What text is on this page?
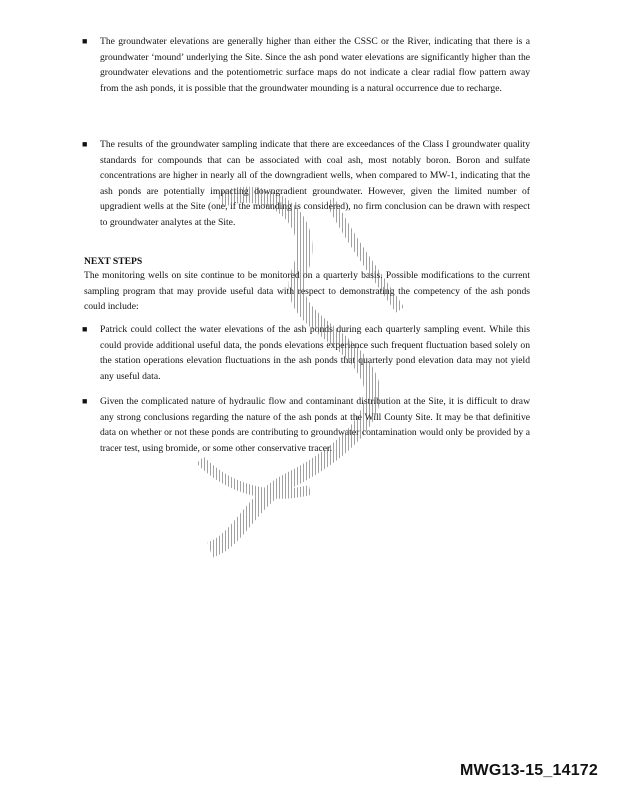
■ The groundwater elevations are generally higher than either the CSSC or the River, indicating that there is a groundwater ‘mound’ underlying the Site. Since the ash pond water elevations are significantly higher than the groundwater elevations and the potentiometric surface maps do not indicate a clear radial flow pattern away from the ash ponds, it is possible that the groundwater mounding is a natural occurrence due to recharge.
■ The results of the groundwater sampling indicate that there are exceedances of the Class I groundwater quality standards for compounds that can be associated with coal ash, most notably boron. Boron and sulfate concentrations are higher in nearly all of the downgradient wells, when compared to MW-1, indicating that the ash ponds are potentially impacting downgradient groundwater. However, given the limited number of upgradient wells at the Site (one, if the mounding is considered), no firm conclusion can be drawn with respect to groundwater analytes at the Site.
NEXT STEPS
The monitoring wells on site continue to be monitored on a quarterly basis. Possible modifications to the current sampling program that may provide useful data with respect to demonstrating the competency of the ash ponds could include:
■ Patrick could collect the water elevations of the ash ponds during each quarterly sampling event. While this could provide additional useful data, the ponds elevations experience such frequent fluctuation based solely on the station operations elevation fluctuations in the ash ponds that quarterly pond elevation data may not yield any useful data.
■ Given the complicated nature of hydraulic flow and contaminant distribution at the Site, it is difficult to draw any strong conclusions regarding the nature of the ash ponds at the Will County Site. It may be that definitive data on whether or not these ponds are contributing to groundwater contamination would only be provided by a tracer test, using bromide, or some other conservative tracer.
MWG13-15_14172
